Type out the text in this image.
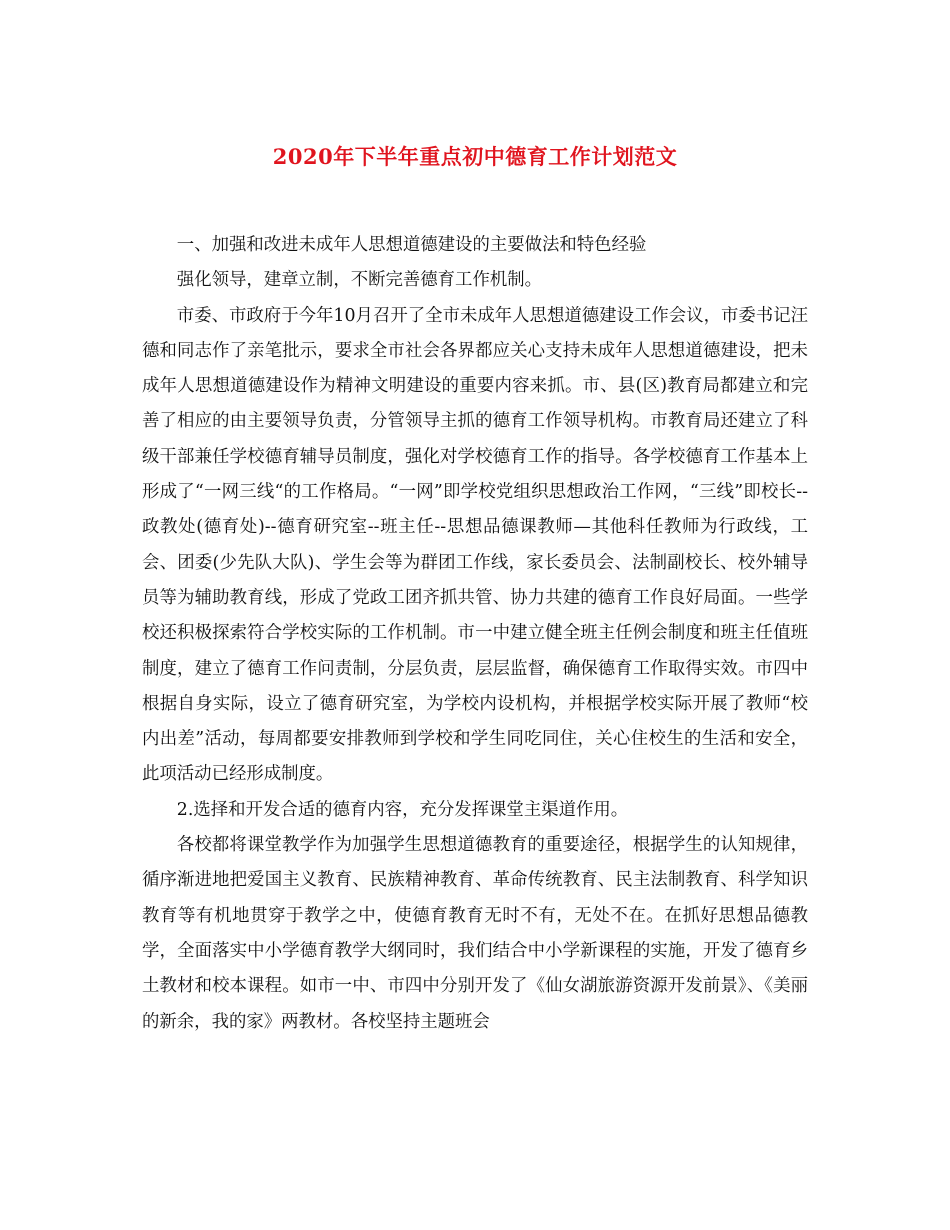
2020年下半年重点初中德育工作计划范文

一、加强和改进未成年人思想道德建设的主要做法和特色经验

强化领导，建章立制，不断完善德育工作机制。

市委、市政府于今年10月召开了全市未成年人思想道德建设工作会议，市委书记汪德和同志作了亲笔批示，要求全市社会各界都应关心支持未成年人思想道德建设，把未成年人思想道德建设作为精神文明建设的重要内容来抓。市、县(区)教育局都建立和完善了相应的由主要领导负责，分管领导主抓的德育工作领导机构。市教育局还建立了科级干部兼任学校德育辅导员制度，强化对学校德育工作的指导。各学校德育工作基本上形成了“一网三线“的工作格局。“一网”即学校党组织思想政治工作网，“三线”即校长--政教处(德育处)--德育研究室--班主任--思想品德课教师—其他科任教师为行政线，工会、团委(少先队大队)、学生会等为群团工作线，家长委员会、法制副校长、校外辅导员等为辅助教育线，形成了党政工团齐抓共管、协力共建的德育工作良好局面。一些学校还积极探索符合学校实际的工作机制。市一中建立健全班主任例会制度和班主任值班制度，建立了德育工作问责制，分层负责，层层监督，确保德育工作取得实效。市四中根据自身实际，设立了德育研究室，为学校内设机构，并根据学校实际开展了教师“校内出差”活动，每周都要安排教师到学校和学生同吃同住，关心住校生的生活和安全，此项活动已经形成制度。

2.选择和开发合适的德育内容，充分发挥课堂主渠道作用。

各校都将课堂教学作为加强学生思想道德教育的重要途径，根据学生的认知规律，循序渐进地把爱国主义教育、民族精神教育、革命传统教育、民主法制教育、科学知识教育等有机地贯穿于教学之中，使德育教育无时不有，无处不在。在抓好思想品德教学，全面落实中小学德育教学大纲同时，我们结合中小学新课程的实施，开发了德育乡土教材和校本课程。如市一中、市四中分别开发了《仙女湖旅游资源开发前景》、《美丽的新余，我的家》两教材。各校坚持主题班会
